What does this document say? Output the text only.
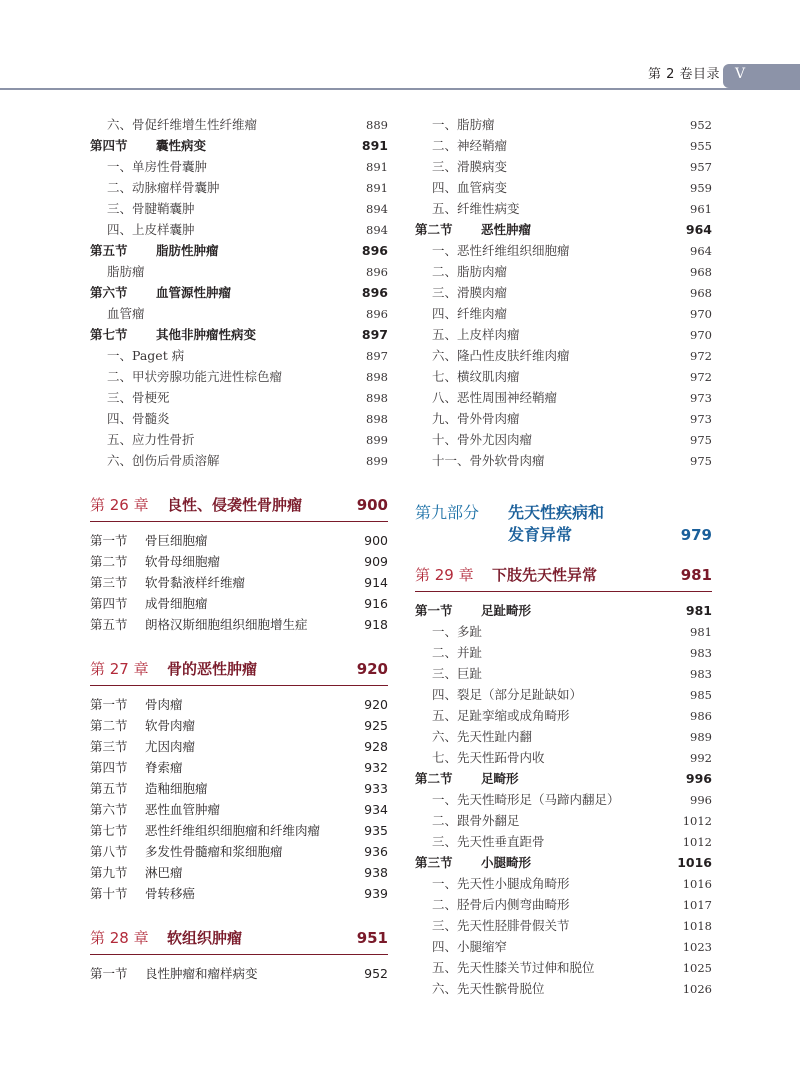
第 2 卷目录 V
六、骨促纤维增生性纤维瘤	889
第四节 囊性病变	891
一、单房性骨囊肿	891
二、动脉瘤样骨囊肿	891
三、骨腱鞘囊肿	894
四、上皮样囊肿	894
第五节 脂肪性肿瘤	896
脂肪瘤	896
第六节 血管源性肿瘤	896
血管瘤	896
第七节 其他非肿瘤性病变	897
一、Paget 病	897
二、甲状旁腺功能亢进性棕色瘤	898
三、骨梗死	898
四、骨髓炎	898
五、应力性骨折	899
六、创伤后骨质溶解	899
第 26 章 良性、侵袭性骨肿瘤	900
第一节 骨巨细胞瘤	900
第二节 软骨母细胞瘤	909
第三节 软骨黏液样纤维瘤	914
第四节 成骨细胞瘤	916
第五节 朗格汉斯细胞组织细胞增生症	918
第 27 章 骨的恶性肿瘤	920
第一节 骨肉瘤	920
第二节 软骨肉瘤	925
第三节 尤因肉瘤	928
第四节 脊索瘤	932
第五节 造釉细胞瘤	933
第六节 恶性血管肿瘤	934
第七节 恶性纤维组织细胞瘤和纤维肉瘤	935
第八节 多发性骨髓瘤和浆细胞瘤	936
第九节 淋巴瘤	938
第十节 骨转移癌	939
第 28 章 软组织肿瘤	951
第一节 良性肿瘤和瘤样病变	952
一、脂肪瘤	952
二、神经鞘瘤	955
三、滑膜病变	957
四、血管病变	959
五、纤维性病变	961
第二节 恶性肿瘤	964
一、恶性纤维组织细胞瘤	964
二、脂肪肉瘤	968
三、滑膜肉瘤	968
四、纤维肉瘤	970
五、上皮样肉瘤	970
六、隆凸性皮肤纤维肉瘤	972
七、横纹肌肉瘤	972
八、恶性周围神经鞘瘤	973
九、骨外骨肉瘤	973
十、骨外尤因肉瘤	975
十一、骨外软骨肉瘤	975
第九部分 先天性疾病和
发育异常	979
第 29 章 下肢先天性异常	981
第一节 足趾畸形	981
一、多趾	981
二、并趾	983
三、巨趾	983
四、裂足（部分足趾缺如）	985
五、足趾挛缩或成角畸形	986
六、先天性趾内翻	989
七、先天性跖骨内收	992
第二节 足畸形	996
一、先天性畸形足（马蹄内翻足）	996
二、跟骨外翻足	1012
三、先天性垂直距骨	1012
第三节 小腿畸形	1016
一、先天性小腿成角畸形	1016
二、胫骨后内侧弯曲畸形	1017
三、先天性胫腓骨假关节	1018
四、小腿缩窄	1023
五、先天性膝关节过伸和脱位	1025
六、先天性髌骨脱位	1026
